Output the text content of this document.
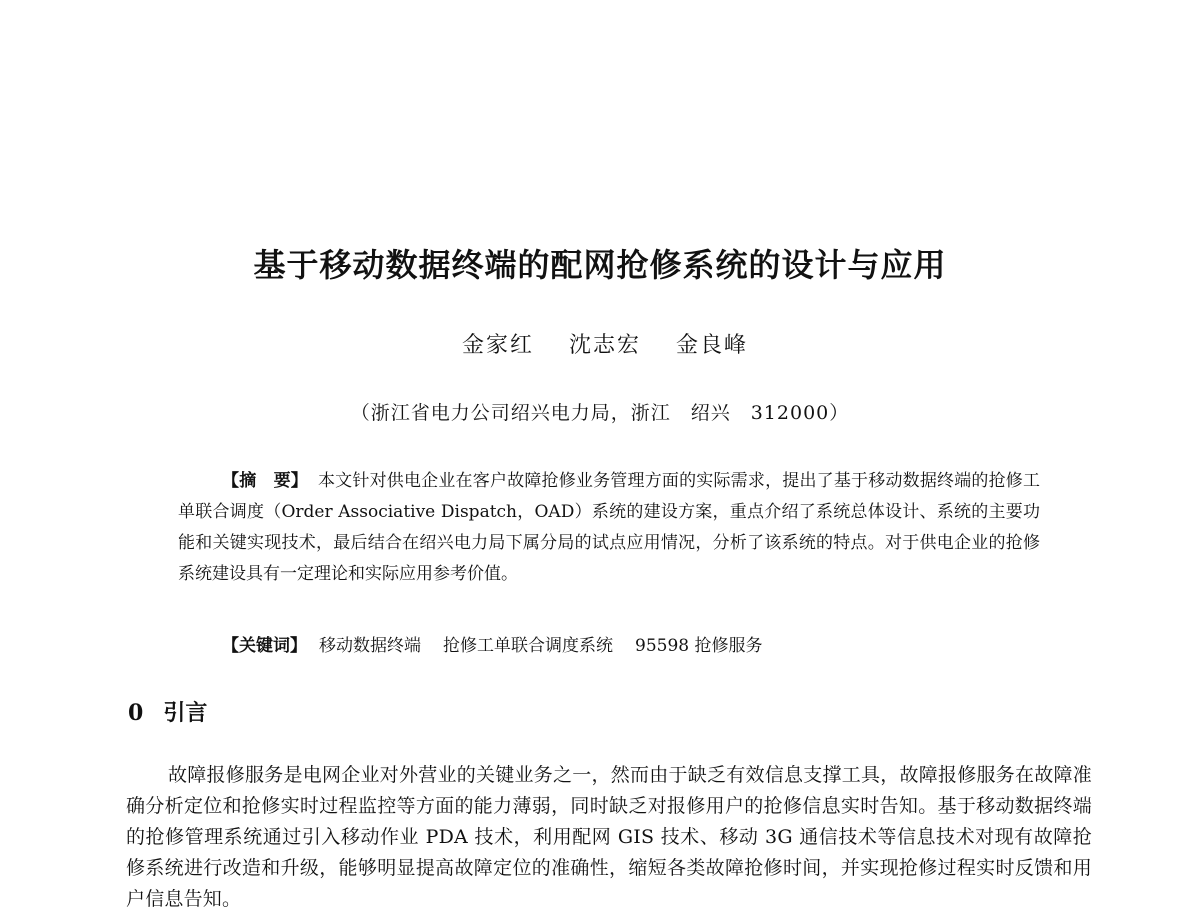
基于移动数据终端的配网抢修系统的设计与应用
金家红 沈志宏 金良峰
（浙江省电力公司绍兴电力局，浙江　绍兴　312000）
【摘　要】 本文针对供电企业在客户故障抢修业务管理方面的实际需求，提出了基于移动数据终端的抢修工单联合调度（Order Associative Dispatch，OAD）系统的建设方案，重点介绍了系统总体设计、系统的主要功能和关键实现技术，最后结合在绍兴电力局下属分局的试点应用情况，分析了该系统的特点。对于供电企业的抢修系统建设具有一定理论和实际应用参考价值。
【关键词】 移动数据终端 抢修工单联合调度系统 95598 抢修服务
0 引言
故障报修服务是电网企业对外营业的关键业务之一，然而由于缺乏有效信息支撑工具，故障报修服务在故障准确分析定位和抢修实时过程监控等方面的能力薄弱，同时缺乏对报修用户的抢修信息实时告知。基于移动数据终端的抢修管理系统通过引入移动作业 PDA 技术，利用配网 GIS 技术、移动 3G 通信技术等信息技术对现有故障抢修系统进行改造和升级，能够明显提高故障定位的准确性，缩短各类故障抢修时间，并实现抢修过程实时反馈和用户信息告知。
